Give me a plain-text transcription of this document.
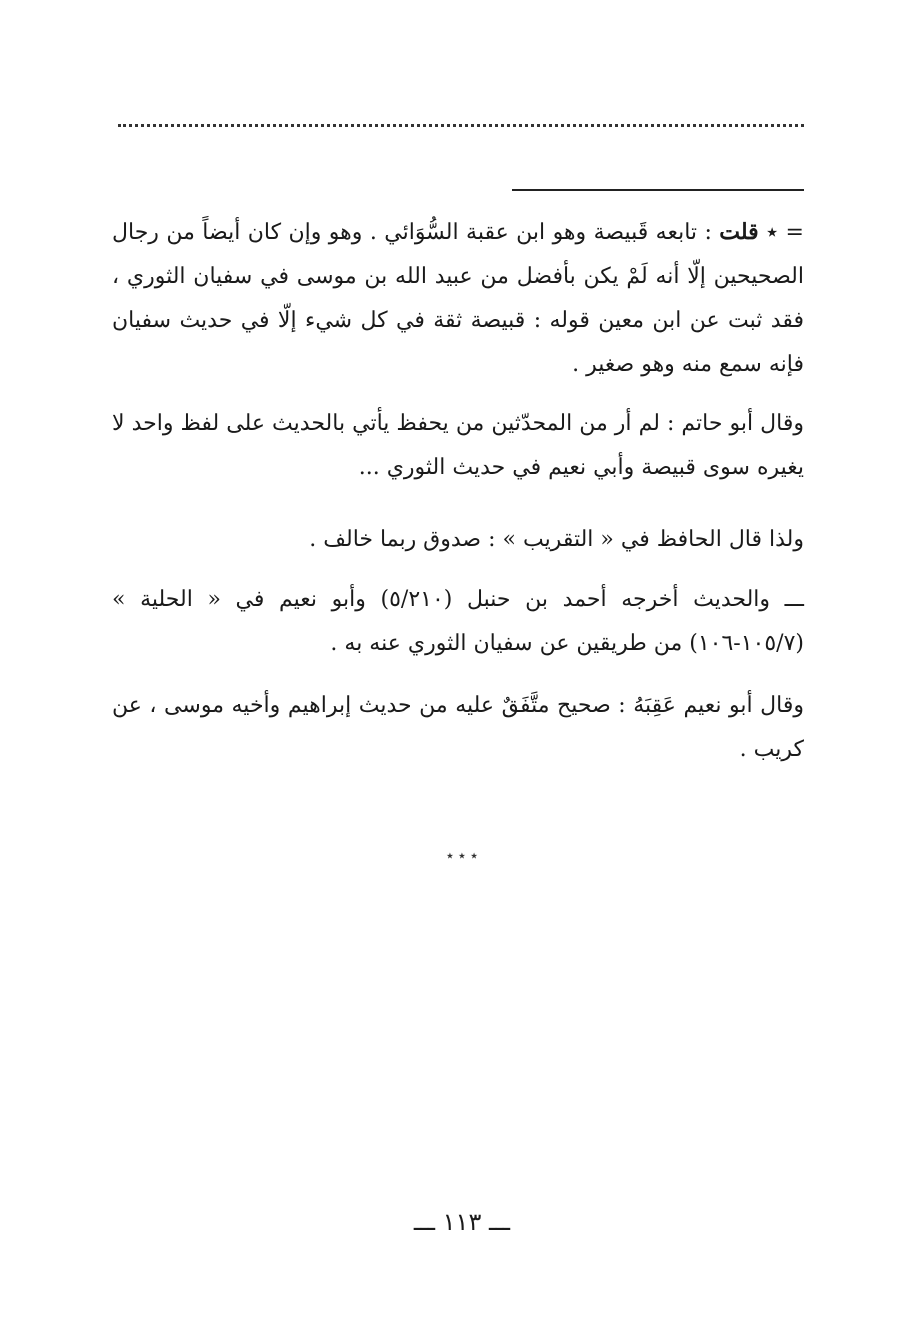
= ٭ قلت : تابعه قَبيصة وهو ابن عقبة السُّوَائي . وهو وإن كان أيضاً من رجال الصحيحين إلّا أنه لَمْ يكن بأفضل من عبيد الله بن موسى في سفيان الثوري ، فقد ثبت عن ابن معين قوله : قبيصة ثقة في كل شيء إلّا في حديث سفيان فإنه سمع منه وهو صغير .

وقال أبو حاتم : لم أر من المحدّثين من يحفظ يأتي بالحديث على لفظ واحد لا يغيره سوى قبيصة وأبي نعيم في حديث الثوري ...

ولذا قال الحافظ في « التقريب » : صدوق ربما خالف .

ـــ والحديث أخرجه أحمد بن حنبل (٥/٢١٠) وأبو نعيم في « الحلية » (١٠٥/٧-١٠٦) من طريقين عن سفيان الثوري عنه به .

وقال أبو نعيم عَقِبَهُ : صحيح متَّفَقٌ عليه من حديث إبراهيم وأخيه موسى ، عن كريب .

٭ ٭ ٭
ـــ ١١٣ ـــ
